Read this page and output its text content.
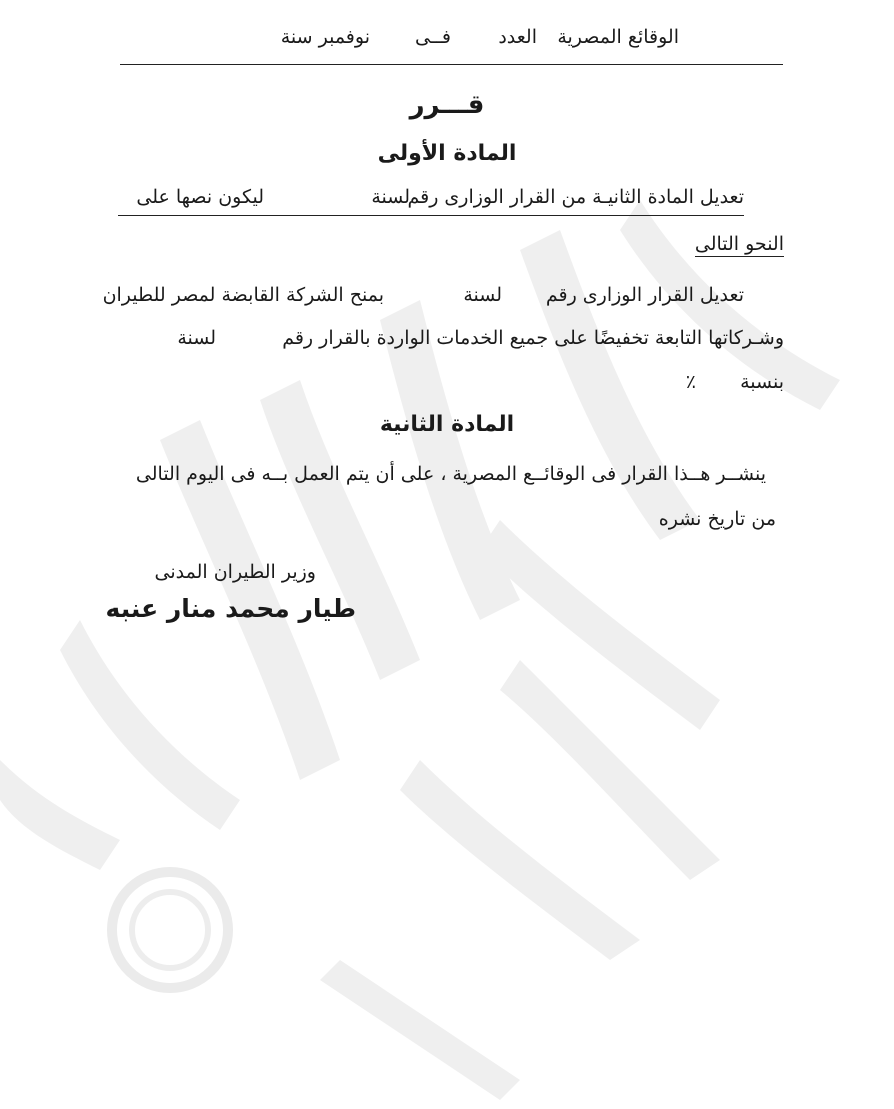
الوقائع المصرية
العدد
فــى
نوفمبر سنة
قـــرر
المادة الأولى
تعديل المادة الثانيـة من القرار الوزارى رقم
لسنة
ليكون نصها على
النحو التالى
تعديل القرار الوزارى رقم
لسنة
بمنح الشركة القابضة لمصر للطيران
وشـركاتها التابعة تخفيضًا على جميع الخدمات الواردة بالقرار رقم
لسنة
بنسبة
٪
المادة الثانية
ينشــر هــذا القرار فى الوقائــع المصرية ، على أن يتم العمل بــه فى اليوم التالى
من تاريخ نشره
وزير الطيران المدنى
طيار محمد منار عنبه
